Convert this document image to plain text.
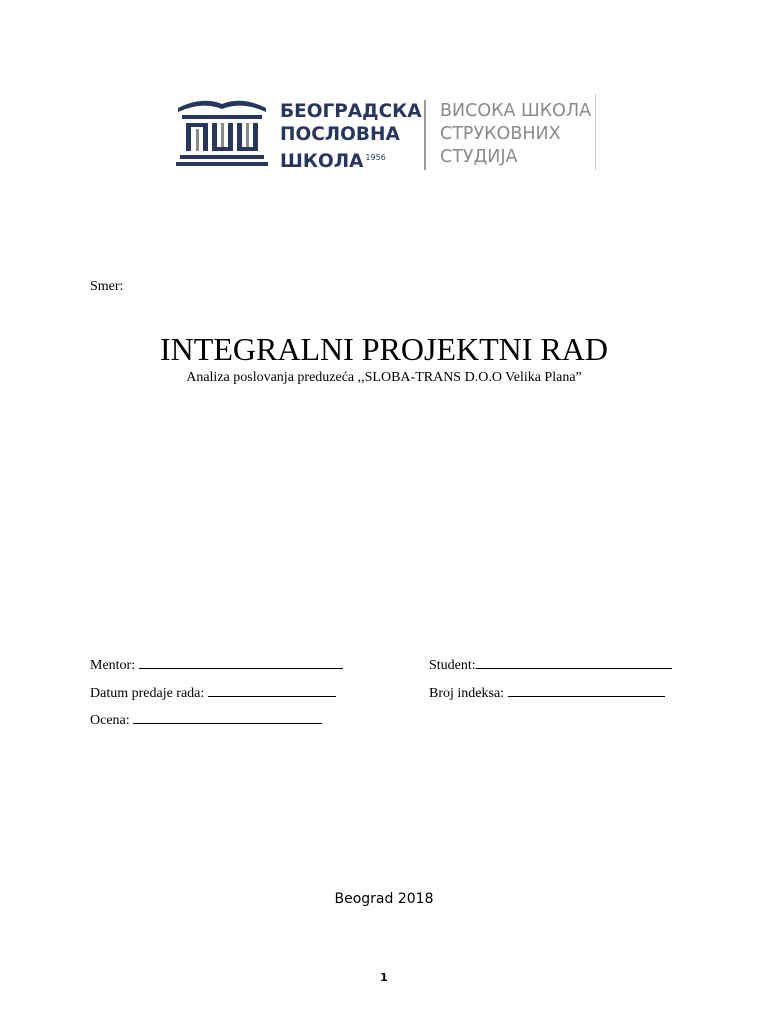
БЕОГРАДСКА
ПОСЛОВНА
ШКОЛА $^{1956}$
ВИСОКА ШКОЛА
СТРУКОВНИХ
СТУДИЈА
Smer:
INTEGRALNI PROJEKTNI RAD
Analiza poslovanja preduzeća ,,SLOBA-TRANS D.O.O Velika Plana”
Mentor:	Student:
Datum predaje rada:	Broj indeksa:
Ocena:
Beograd 2018
1
